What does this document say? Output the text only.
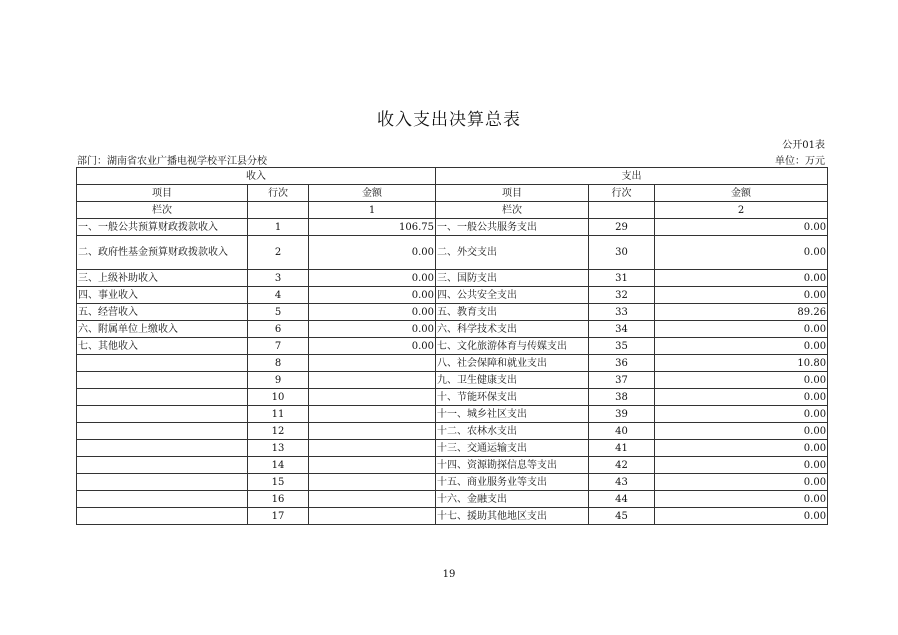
收入支出决算总表
公开01表
部门：湖南省农业广播电视学校平江县分校	单位：万元
收入			支出		
项目	行次	金额	项目	行次	金额
栏次		1	栏次		2
一、一般公共预算财政拨款收入	1	106.75	一、一般公共服务支出	29	0.00
二、政府性基金预算财政拨款收入	2	0.00	二、外交支出	30	0.00
三、上级补助收入	3	0.00	三、国防支出	31	0.00
四、事业收入	4	0.00	四、公共安全支出	32	0.00
五、经营收入	5	0.00	五、教育支出	33	89.26
六、附属单位上缴收入	6	0.00	六、科学技术支出	34	0.00
七、其他收入	7	0.00	七、文化旅游体育与传媒支出	35	0.00
	8		八、社会保障和就业支出	36	10.80
	9		九、卫生健康支出	37	0.00
	10		十、节能环保支出	38	0.00
	11		十一、城乡社区支出	39	0.00
	12		十二、农林水支出	40	0.00
	13		十三、交通运输支出	41	0.00
	14		十四、资源勘探信息等支出	42	0.00
	15		十五、商业服务业等支出	43	0.00
	16		十六、金融支出	44	0.00
	17		十七、援助其他地区支出	45	0.00
19
